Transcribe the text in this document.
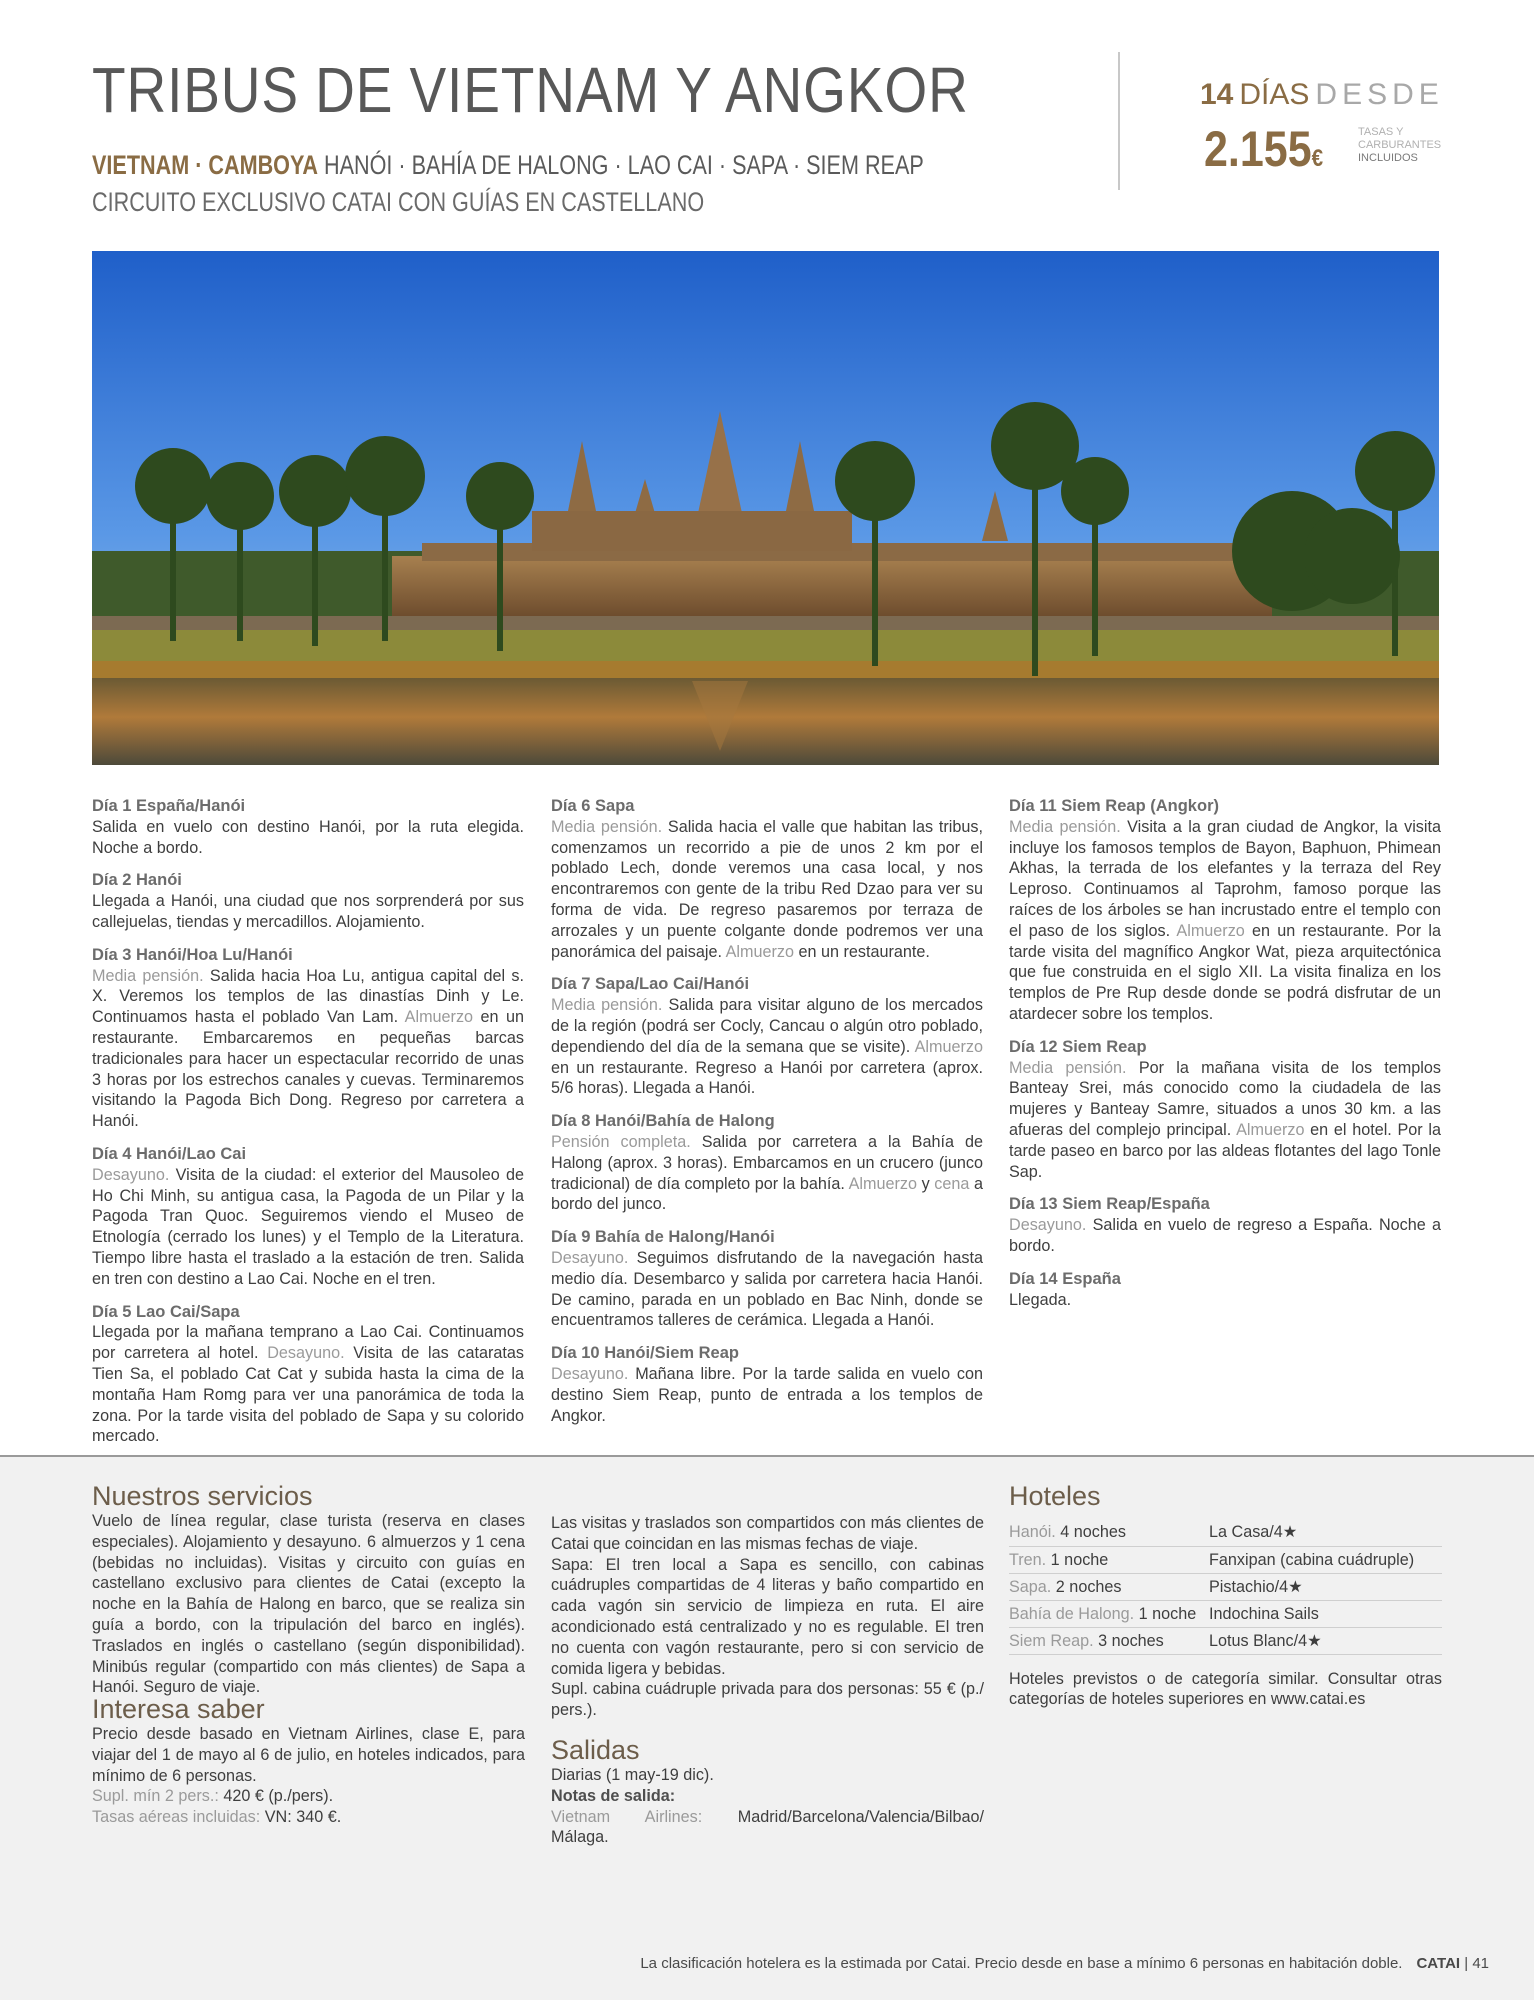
TRIBUS DE VIETNAM Y ANGKOR
VIETNAM · CAMBOYA HANÓI · BAHÍA DE HALONG · LAO CAI · SAPA · SIEM REAP
CIRCUITO EXCLUSIVO CATAI CON GUÍAS EN CASTELLANO
14 DÍAS DESDE
2.155€
TASAS Y
CARBURANTES
INCLUIDOS
Día 1 España/Hanói
Salida en vuelo con destino Hanói, por la ruta elegida. Noche a bordo.
Día 2 Hanói
Llegada a Hanói, una ciudad que nos sorprenderá por sus callejuelas, tiendas y mercadillos. Alojamiento.
Día 3 Hanói/Hoa Lu/Hanói
Media pensión. Salida hacia Hoa Lu, antigua capital del s. X. Veremos los templos de las dinastías Dinh y Le. Continuamos hasta el poblado Van Lam. Almuerzo en un restaurante. Embarcaremos en pequeñas barcas tradicionales para hacer un espectacular recorrido de unas 3 horas por los estrechos canales y cuevas. Terminaremos visitando la Pagoda Bich Dong. Regreso por carretera a Hanói.
Día 4 Hanói/Lao Cai
Desayuno. Visita de la ciudad: el exterior del Mausoleo de Ho Chi Minh, su antigua casa, la Pagoda de un Pilar y la Pagoda Tran Quoc. Seguiremos viendo el Museo de Etnología (cerrado los lunes) y el Templo de la Literatura. Tiempo libre hasta el traslado a la estación de tren. Salida en tren con destino a Lao Cai. Noche en el tren.
Día 5 Lao Cai/Sapa
Llegada por la mañana temprano a Lao Cai. Continuamos por carretera al hotel. Desayuno. Visita de las cataratas Tien Sa, el poblado Cat Cat y subida hasta la cima de la montaña Ham Romg para ver una panorámica de toda la zona. Por la tarde visita del poblado de Sapa y su colorido mercado.
Día 6 Sapa
Media pensión. Salida hacia el valle que habitan las tribus, comenzamos un recorrido a pie de unos 2 km por el poblado Lech, donde veremos una casa local, y nos encontraremos con gente de la tribu Red Dzao para ver su forma de vida. De regreso pasaremos por terraza de arrozales y un puente colgante donde podremos ver una panorámica del paisaje. Almuerzo en un restaurante.
Día 7 Sapa/Lao Cai/Hanói
Media pensión. Salida para visitar alguno de los mercados de la región (podrá ser Cocly, Cancau o algún otro poblado, dependiendo del día de la semana que se visite). Almuerzo en un restaurante. Regreso a Hanói por carretera (aprox. 5/6 horas). Llegada a Hanói.
Día 8 Hanói/Bahía de Halong
Pensión completa. Salida por carretera a la Bahía de Halong (aprox. 3 horas). Embarcamos en un crucero (junco tradicional) de día completo por la bahía. Almuerzo y cena a bordo del junco.
Día 9 Bahía de Halong/Hanói
Desayuno. Seguimos disfrutando de la navegación hasta medio día. Desembarco y salida por carretera hacia Hanói. De camino, parada en un poblado en Bac Ninh, donde se encuentramos talleres de cerámica. Llegada a Hanói.
Día 10 Hanói/Siem Reap
Desayuno. Mañana libre. Por la tarde salida en vuelo con destino Siem Reap, punto de entrada a los templos de Angkor.
Día 11 Siem Reap (Angkor)
Media pensión. Visita a la gran ciudad de Angkor, la visita incluye los famosos templos de Bayon, Baphuon, Phimean Akhas, la terrada de los elefantes y la terraza del Rey Leproso. Continuamos al Taprohm, famoso porque las raíces de los árboles se han incrustado entre el templo con el paso de los siglos. Almuerzo en un restaurante. Por la tarde visita del magnífico Angkor Wat, pieza arquitectónica que fue construida en el siglo XII. La visita finaliza en los templos de Pre Rup desde donde se podrá disfrutar de un atardecer sobre los templos.
Día 12 Siem Reap
Media pensión. Por la mañana visita de los templos Banteay Srei, más conocido como la ciudadela de las mujeres y Banteay Samre, situados a unos 30 km. a las afueras del complejo principal. Almuerzo en el hotel. Por la tarde paseo en barco por las aldeas flotantes del lago Tonle Sap.
Día 13 Siem Reap/España
Desayuno. Salida en vuelo de regreso a España. Noche a bordo.
Día 14 España
Llegada.
Nuestros servicios

Vuelo de línea regular, clase turista (reserva en clases especiales). Alojamiento y desayuno. 6 almuerzos y 1 cena (bebidas no incluidas). Visitas y circuito con guías en castellano exclusivo para clientes de Catai (excepto la noche en la Bahía de Halong en barco, que se realiza sin guía a bordo, con la tripulación del barco en inglés). Traslados en inglés o castellano (según disponibilidad). Minibús regular (compartido con más clientes) de Sapa a Hanói. Seguro de viaje.

Interesa saber

Precio desde basado en Vietnam Airlines, clase E, para viajar del 1 de mayo al 6 de julio, en hoteles indicados, para mínimo de 6 personas.

Supl. mín 2 pers.: 420 € (p./pers).

Tasas aéreas incluidas: VN: 340 €.

Las visitas y traslados son compartidos con más clientes de Catai que coincidan en las mismas fechas de viaje.

Sapa: El tren local a Sapa es sencillo, con cabinas cuádruples compartidas de 4 literas y baño compartido en cada vagón sin servicio de limpieza en ruta. El aire acondicionado está centralizado y no es regulable. El tren no cuenta con vagón restaurante, pero si con servicio de comida ligera y bebidas.

Supl. cabina cuádruple privada para dos personas: 55 € (p./ pers.).

Salidas

Diarias (1 may-19 dic).

Notas de salida:

Vietnam Airlines: Madrid/Barcelona/Valencia/Bilbao/ Málaga.

Hoteles
Hanói. 4 noches	La Casa/4★
Tren. 1 noche	Fanxipan (cabina cuádruple)
Sapa. 2 noches	Pistachio/4★
Bahía de Halong. 1 noche	Indochina Sails
Siem Reap. 3 noches	Lotus Blanc/4★

Hoteles previstos o de categoría similar. Consultar otras categorías de hoteles superiores en www.catai.es

La clasificación hotelera es la estimada por Catai. Precio desde en base a mínimo 6 personas en habitación doble. CATAI | 41
